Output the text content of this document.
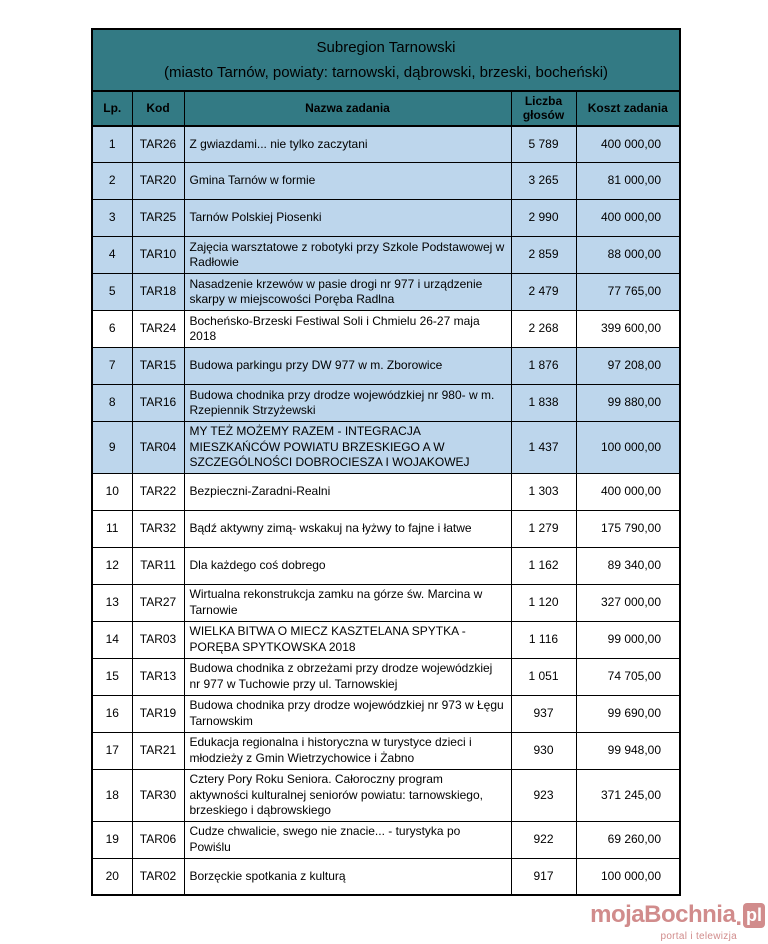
Subregion Tarnowski
(miasto Tarnów, powiaty: tarnowski, dąbrowski, brzeski, bocheński)				

Lp.	Kod	Nazwa zadania	Liczba głosów	Koszt zadania
1	TAR26	Z gwiazdami... nie tylko zaczytani	5 789	400 000,00
2	TAR20	Gmina Tarnów w formie	3 265	81 000,00
3	TAR25	Tarnów Polskiej Piosenki	2 990	400 000,00
4	TAR10	Zajęcia warsztatowe z robotyki przy Szkole Podstawowej w Radłowie	2 859	88 000,00
5	TAR18	Nasadzenie krzewów w pasie drogi nr 977 i urządzenie skarpy w miejscowości Poręba Radlna	2 479	77 765,00
6	TAR24	Bocheńsko-Brzeski Festiwal Soli i Chmielu 26-27 maja 2018	2 268	399 600,00
7	TAR15	Budowa parkingu przy DW 977 w m. Zborowice	1 876	97 208,00
8	TAR16	Budowa chodnika przy drodze wojewódzkiej nr 980- w m. Rzepiennik Strzyżewski	1 838	99 880,00
9	TAR04	MY TEŻ MOŻEMY RAZEM - INTEGRACJA MIESZKAŃCÓW POWIATU BRZESKIEGO A W SZCZEGÓLNOŚCI DOBROCIESZA I WOJAKOWEJ	1 437	100 000,00
10	TAR22	Bezpieczni-Zaradni-Realni	1 303	400 000,00
11	TAR32	Bądź aktywny zimą- wskakuj na łyżwy to fajne i łatwe	1 279	175 790,00
12	TAR11	Dla każdego coś dobrego	1 162	89 340,00
13	TAR27	Wirtualna rekonstrukcja zamku na górze św. Marcina w Tarnowie	1 120	327 000,00
14	TAR03	WIELKA BITWA O MIECZ KASZTELANA SPYTKA - PORĘBA SPYTKOWSKA 2018	1 116	99 000,00
15	TAR13	Budowa chodnika z obrzeżami przy drodze wojewódzkiej nr 977 w Tuchowie przy ul. Tarnowskiej	1 051	74 705,00
16	TAR19	Budowa chodnika przy drodze wojewódzkiej nr 973 w Łęgu Tarnowskim	937	99 690,00
17	TAR21	Edukacja regionalna i historyczna w turystyce dzieci i młodzieży z Gmin Wietrzychowice i Żabno	930	99 948,00
18	TAR30	Cztery Pory Roku Seniora. Całoroczny program aktywności kulturalnej seniorów powiatu: tarnowskiego, brzeskiego i dąbrowskiego	923	371 245,00
19	TAR06	Cudze chwalicie, swego nie znacie... - turystyka po Powiślu	922	69 260,00
20	TAR02	Borzęckie spotkania z kulturą	917	100 000,00
mojaBochnia . pl
portal i telewizja
